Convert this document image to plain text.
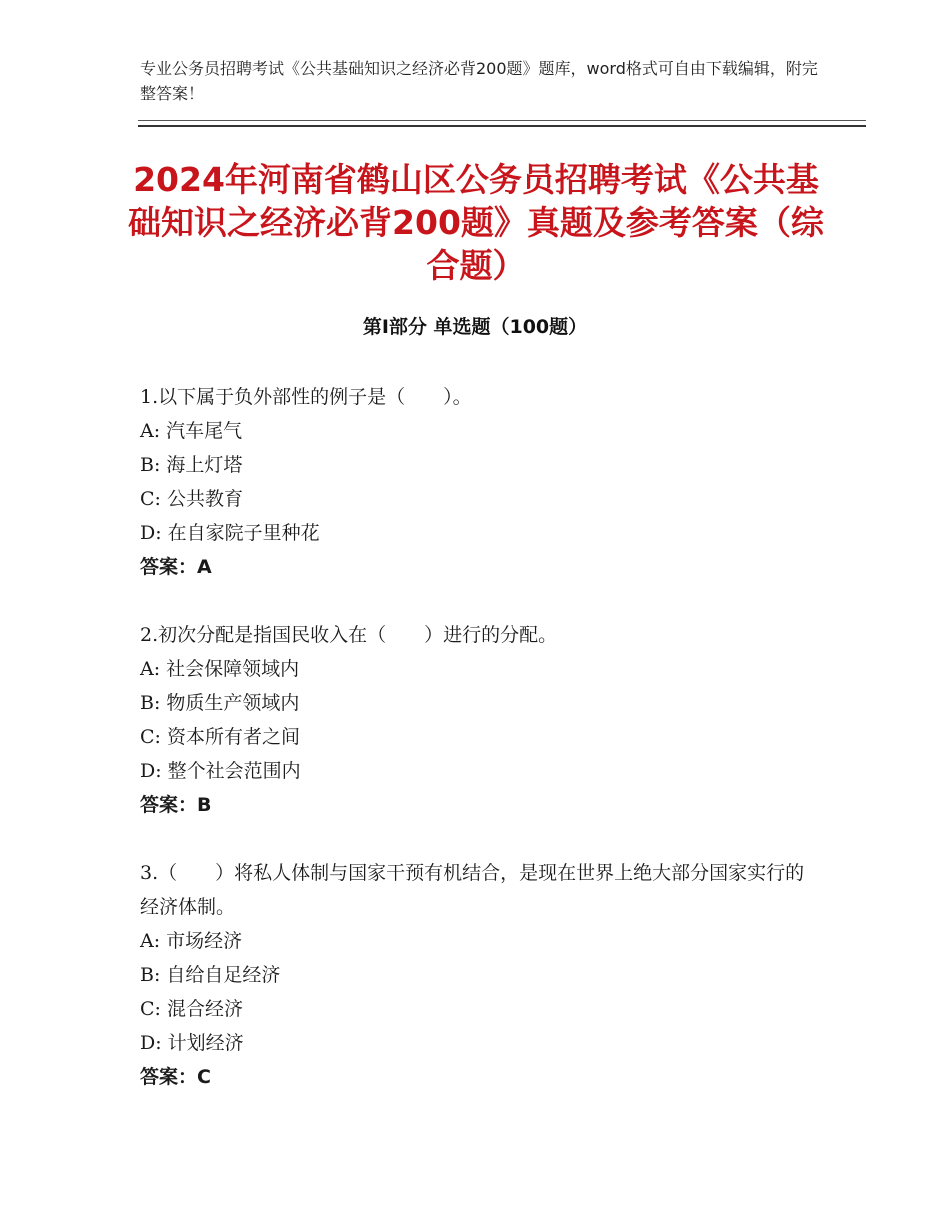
专业公务员招聘考试《公共基础知识之经济必背200题》题库，word格式可自由下载编辑，附完整答案！
2024年河南省鹤山区公务员招聘考试《公共基础知识之经济必背200题》真题及参考答案（综合题）
第Ⅰ部分 单选题（100题）
1.以下属于负外部性的例子是（　　）。
A: 汽车尾气
B: 海上灯塔
C: 公共教育
D: 在自家院子里种花
答案：A
2.初次分配是指国民收入在（　　）进行的分配。
A: 社会保障领域内
B: 物质生产领域内
C: 资本所有者之间
D: 整个社会范围内
答案：B
3.（　　）将私人体制与国家干预有机结合，是现在世界上绝大部分国家实行的经济体制。
A: 市场经济
B: 自给自足经济
C: 混合经济
D: 计划经济
答案：C
